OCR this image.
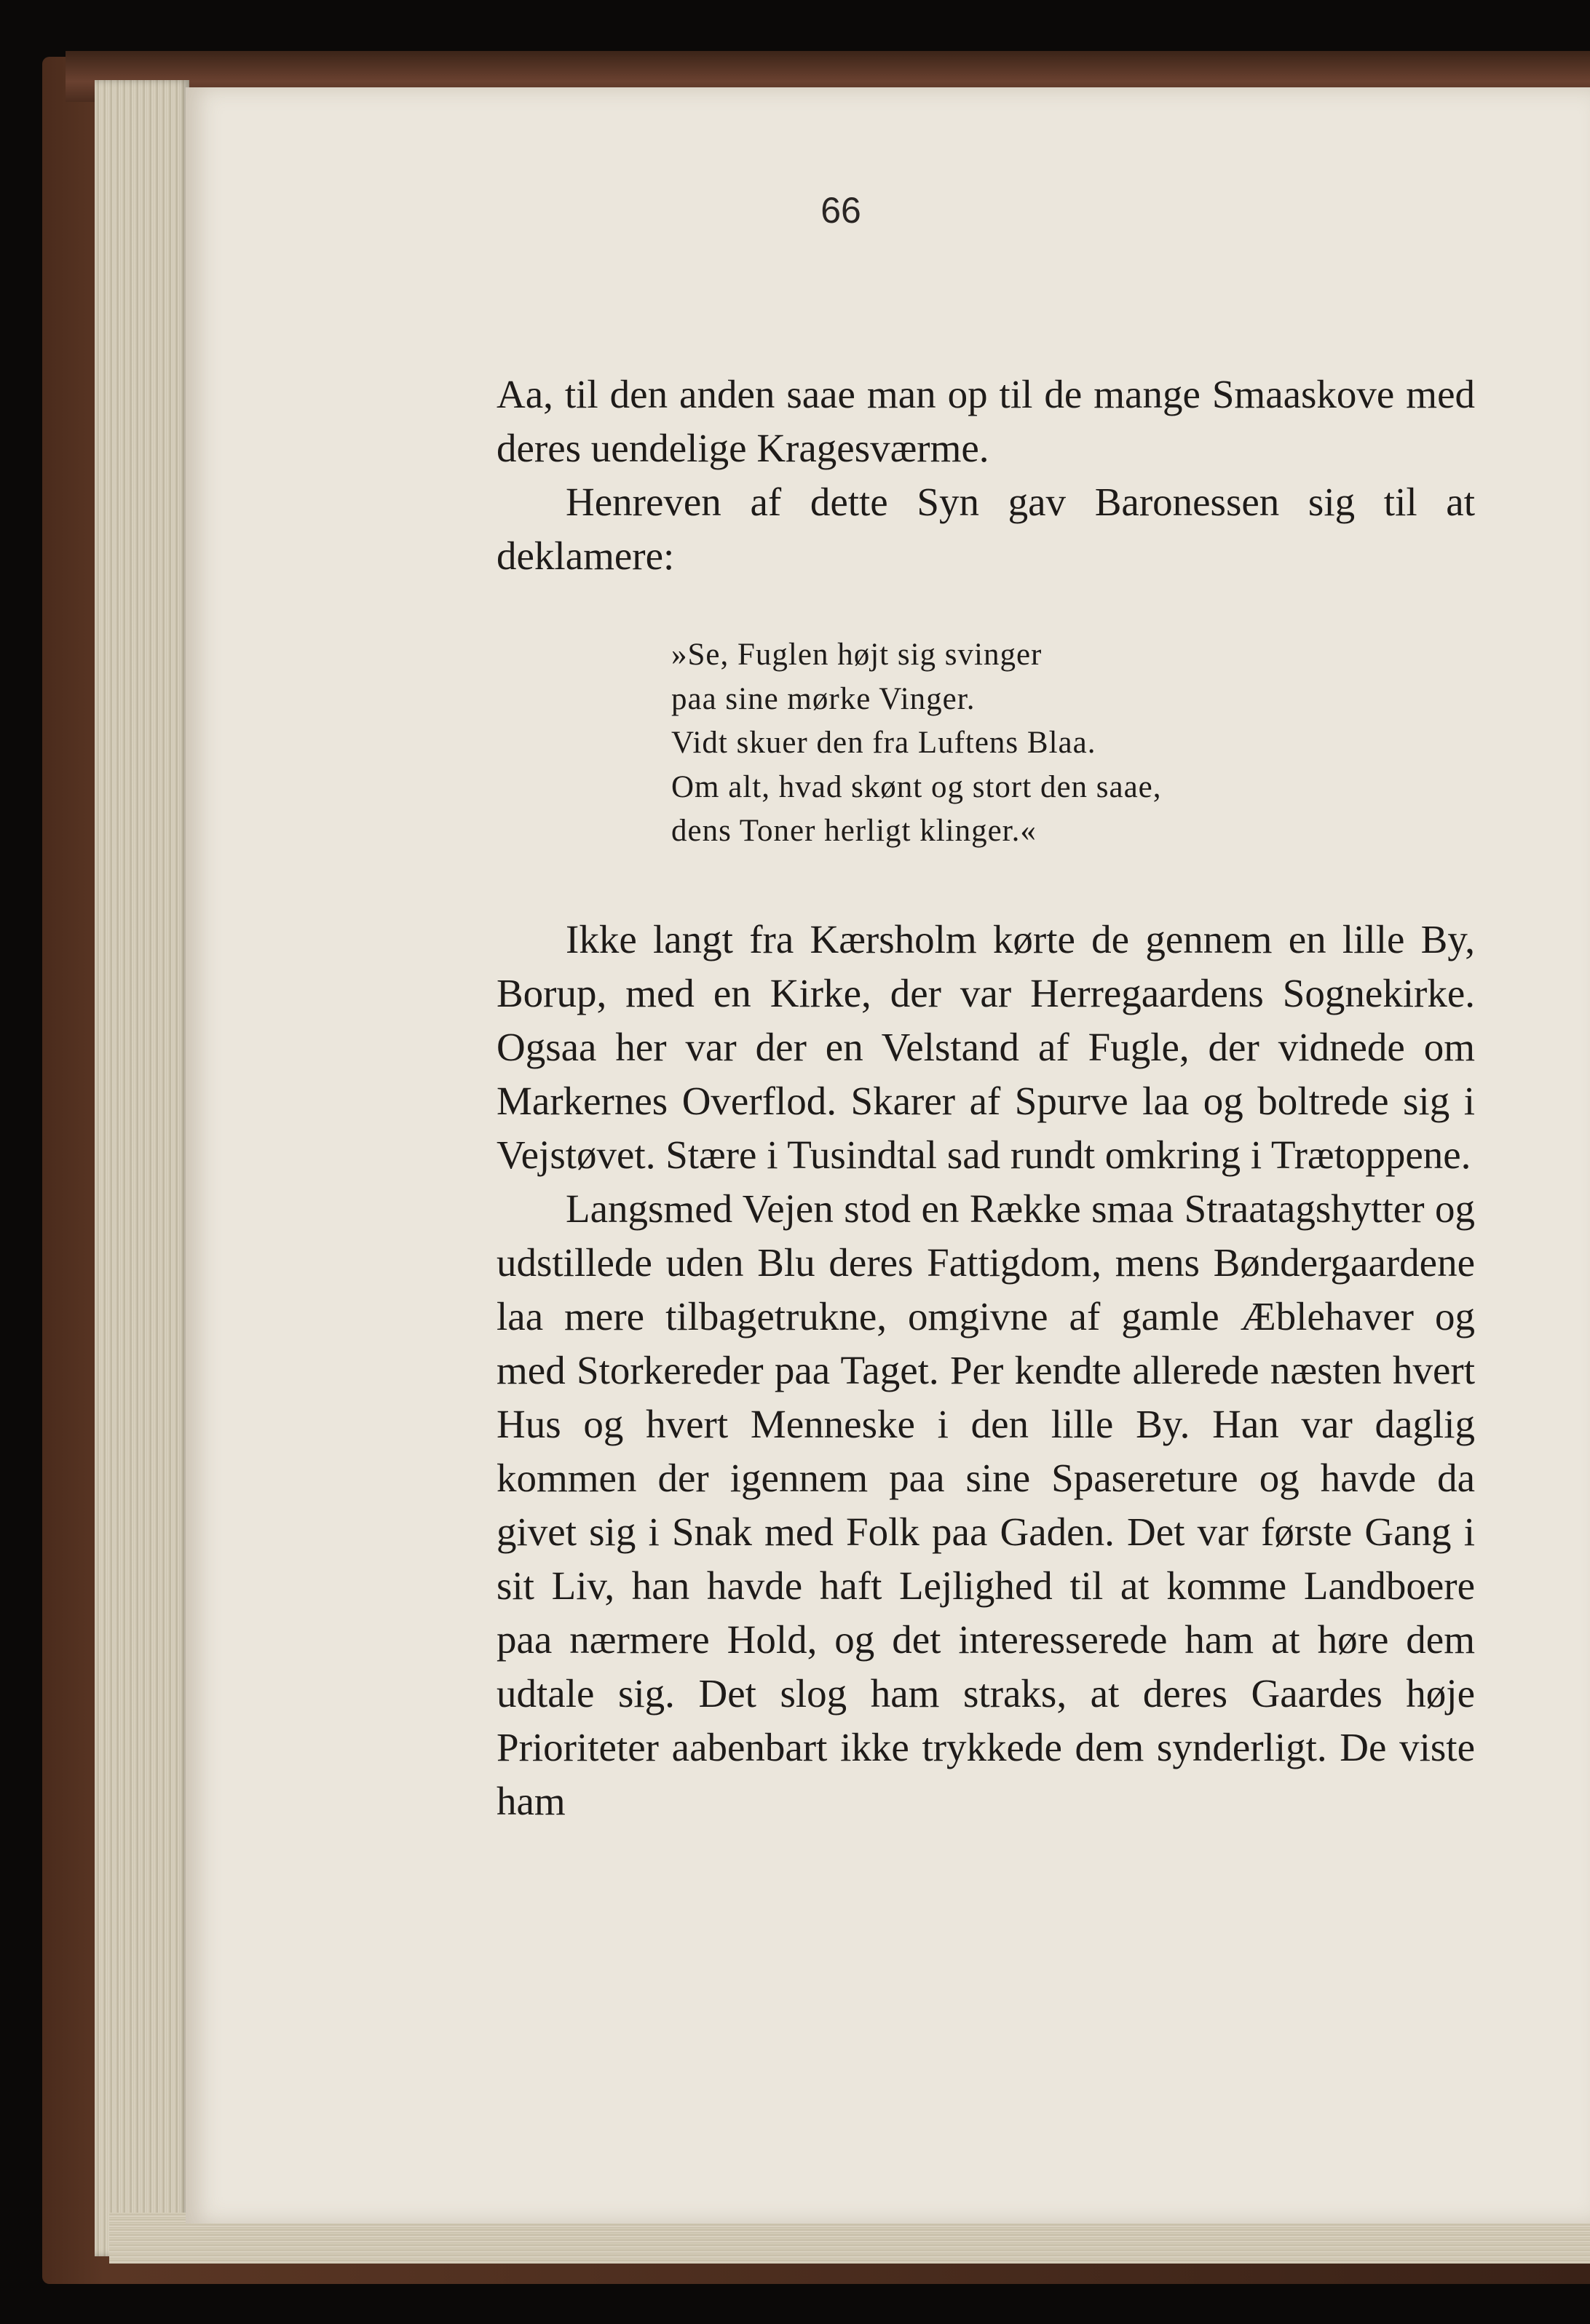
66

Aa, til den anden saae man op til de mange Smaaskove med deres uendelige Kragesværme.

Henreven af dette Syn gav Baronessen sig til at deklamere:

»Se, Fuglen højt sig svinger
paa sine mørke Vinger.
Vidt skuer den fra Luftens Blaa.
Om alt, hvad skønt og stort den saae,
dens Toner herligt klinger.«

Ikke langt fra Kærsholm kørte de gennem en lille By, Borup, med en Kirke, der var Herregaardens Sognekirke. Ogsaa her var der en Velstand af Fugle, der vidnede om Markernes Overflod. Skarer af Spurve laa og boltrede sig i Vejstøvet. Stære i Tusindtal sad rundt omkring i Trætoppene.

Langsmed Vejen stod en Række smaa Straatagshytter og udstillede uden Blu deres Fattigdom, mens Bøndergaardene laa mere tilbagetrukne, omgivne af gamle Æblehaver og med Storkereder paa Taget. Per kendte allerede næsten hvert Hus og hvert Menneske i den lille By. Han var daglig kommen der igennem paa sine Spasereture og havde da givet sig i Snak med Folk paa Gaden. Det var første Gang i sit Liv, han havde haft Lejlighed til at komme Landboere paa nærmere Hold, og det interesserede ham at høre dem udtale sig. Det slog ham straks, at deres Gaardes høje Prioriteter aabenbart ikke trykkede dem synderligt. De viste ham
